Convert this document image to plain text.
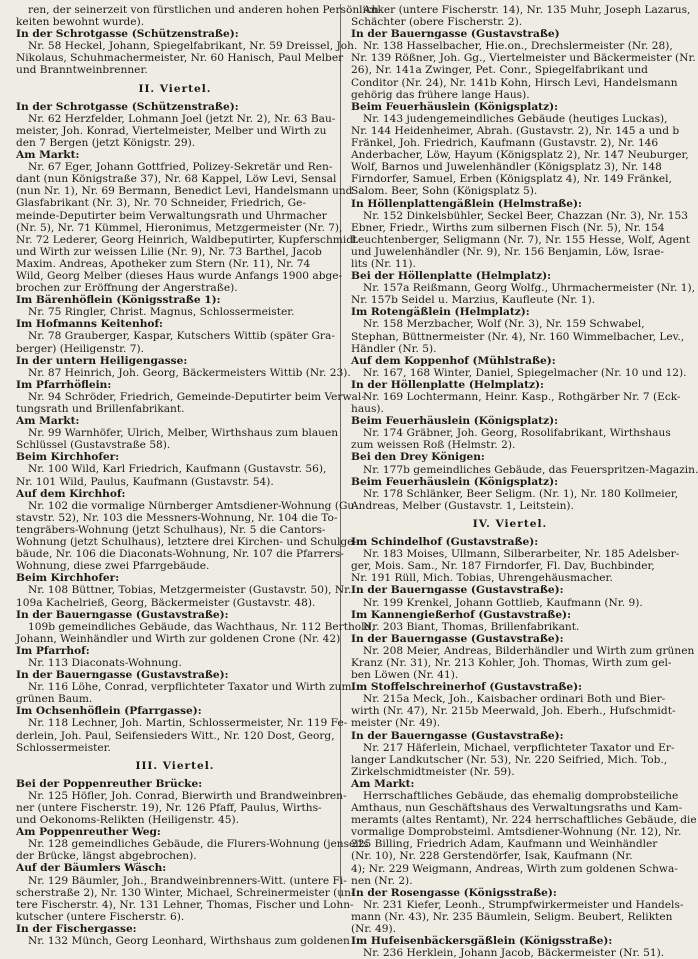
ren, der seinerzeit von fürstlichen und anderen hohen Persönlich-
keiten bewohnt wurde).
In der Schrotgasse (Schützenstraße):
Nr. 58 Heckel, Johann, Spiegelfabrikant, Nr. 59 Dreissel, Joh.
Nikolaus, Schuhmachermeister, Nr. 60 Hanisch, Paul Melber
und Branntweinbrenner.
II. Viertel.
In der Schrotgasse (Schützenstraße):
Nr. 62 Herzfelder, Lohmann Joel (jetzt Nr. 2), Nr. 63 Bau-
meister, Joh. Konrad, Viertelmeister, Melber und Wirth zu
den 7 Bergen (jetzt Königstr. 29).
Am Markt:
Nr. 67 Eger, Johann Gottfried, Polizey-Sekretär und Ren-
dant (nun Königstraße 37), Nr. 68 Kappel, Löw Levi, Sensal
(nun Nr. 1), Nr. 69 Bermann, Benedict Levi, Handelsmann und
Glasfabrikant (Nr. 3), Nr. 70 Schneider, Friedrich, Ge-
meinde-Deputirter beim Verwaltungsrath und Uhrmacher
(Nr. 5), Nr. 71 Kümmel, Hieronimus, Metzgermeister (Nr. 7),
Nr. 72 Lederer, Georg Heinrich, Waldbeputirter, Kupferschmidt
und Wirth zur weissen Lilie (Nr. 9), Nr. 73 Barthel, Jacob
Maxim. Andreas, Apotheker zum Stern (Nr. 11), Nr. 74
Wild, Georg Melber (dieses Haus wurde Anfangs 1900 abge-
brochen zur Eröffnung der Angerstraße).
Im Bärenhöflein (Königsstraße 1):
Nr. 75 Ringler, Christ. Magnus, Schlossermeister.
Im Hofmanns Keitenhof:
Nr. 78 Grauberger, Kaspar, Kutschers Wittib (später Gra-
berger) (Heiligenstr. 7).
In der untern Heiligengasse:
Nr. 87 Heinrich, Joh. Georg, Bäckermeisters Wittib (Nr. 23).
Im Pfarrhöflein:
Nr. 94 Schröder, Friedrich, Gemeinde-Deputirter beim Verwal-
tungsrath und Brillenfabrikant.
Am Markt:
Nr. 99 Warnhöfer, Ulrich, Melber, Wirthshaus zum blauen
Schlüssel (Gustavstraße 58).
Beim Kirchhofer:
Nr. 100 Wild, Karl Friedrich, Kaufmann (Gustavstr. 56),
Nr. 101 Wild, Paulus, Kaufmann (Gustavstr. 54).
Auf dem Kirchhof:
Nr. 102 die vormalige Nürnberger Amtsdiener-Wohnung (Gu-
stavstr. 52), Nr. 103 die Messners-Wohnung, Nr. 104 die To-
tengräbers-Wohnung (jetzt Schulhaus), Nr. 5 die Cantors-
Wohnung (jetzt Schulhaus), letztere drei Kirchen- und Schulge-
bäude, Nr. 106 die Diaconats-Wohnung, Nr. 107 die Pfarrers-
Wohnung, diese zwei Pfarrgebäude.
Beim Kirchhofer:
Nr. 108 Büttner, Tobias, Metzgermeister (Gustavstr. 50), Nr.
109a Kachelrieß, Georg, Bäckermeister (Gustavstr. 48).
In der Bauerngasse (Gustavstraße):
109b gemeindliches Gebäude, das Wachthaus, Nr. 112 Berthold,
Johann, Weinhändler und Wirth zur goldenen Crone (Nr. 42)
Im Pfarrhof:
Nr. 113 Diaconats-Wohnung.
In der Bauerngasse (Gustavstraße):
Nr. 116 Löhe, Conrad, verpflichteter Taxator und Wirth zum
grünen Baum.
Im Ochsenhöflein (Pfarrgasse):
Nr. 118 Lechner, Joh. Martin, Schlossermeister, Nr. 119 Fe-
derlein, Joh. Paul, Seifensieders Witt., Nr. 120 Dost, Georg,
Schlossermeister.
III. Viertel.
Bei der Poppenreuther Brücke:
Nr. 125 Höfler, Joh. Conrad, Bierwirth und Brandweinbren-
ner (untere Fischerstr. 19), Nr. 126 Pfaff, Paulus, Wirths-
und Oekonoms-Relikten (Heiligenstr. 45).
Am Poppenreuther Weg:
Nr. 128 gemeindliches Gebäude, die Flurers-Wohnung (jenseits
der Brücke, längst abgebrochen).
Auf der Bäumlers Wäsch:
Nr. 129 Bäumler, Joh., Brandweinbrenners-Witt. (untere Fi-
scherstraße 2), Nr. 130 Winter, Michael, Schreinermeister (un-
tere Fischerstr. 4), Nr. 131 Lehner, Thomas, Fischer und Lohn-
kutscher (untere Fischerstr. 6).
In der Fischergasse:
Nr. 132 Münch, Georg Leonhard, Wirthshaus zum goldenen
Anker (untere Fischerstr. 14), Nr. 135 Muhr, Joseph Lazarus,
Schächter (obere Fischerstr. 2).
In der Bauerngasse (Gustavstraße)
Nr. 138 Hasselbacher, Hie.on., Drechslermeister (Nr. 28),
Nr. 139 Rößner, Joh. Gg., Viertelmeister und Bäckermeister (Nr.
26), Nr. 141a Zwinger, Pet. Conr., Spiegelfabrikant und
Conditor (Nr. 24), Nr. 141b Kohn, Hirsch Levi, Handelsmann
gehörig das frühere lange Haus).
Beim Feuerhäuslein (Königsplatz):
Nr. 143 judengemeindliches Gebäude (heutiges Luckas),
Nr. 144 Heidenheimer, Abrah. (Gustavstr. 2), Nr. 145 a und b
Fränkel, Joh. Friedrich, Kaufmann (Gustavstr. 2), Nr. 146
Anderbacher, Löw, Hayum (Königsplatz 2), Nr. 147 Neuburger,
Wolf, Barnos und Juwelenhändler (Königsplatz 3), Nr. 148
Firndorfer, Samuel, Erben (Königsplatz 4), Nr. 149 Fränkel,
Salom. Beer, Sohn (Königsplatz 5).
In Höllenplattengäßlein (Helmstraße):
Nr. 152 Dinkelsbühler, Seckel Beer, Chazzan (Nr. 3), Nr. 153
Ebner, Friedr., Wirths zum silbernen Fisch (Nr. 5), Nr. 154
Leuchtenberger, Seligmann (Nr. 7), Nr. 155 Hesse, Wolf, Agent
und Juwelenhändler (Nr. 9), Nr. 156 Benjamin, Löw, Israe-
lits (Nr. 11).
Bei der Höllenplatte (Helmplatz):
Nr. 157a Reißmann, Georg Wolfg., Uhrmachermeister (Nr. 1),
Nr. 157b Seidel u. Marzius, Kaufleute (Nr. 1).
Im Rotengäßlein (Helmplatz):
Nr. 158 Merzbacher, Wolf (Nr. 3), Nr. 159 Schwabel,
Stephan, Büttnermeister (Nr. 4), Nr. 160 Wimmelbacher, Lev.,
Händler (Nr. 5).
Auf dem Koppenhof (Mühlstraße):
Nr. 167, 168 Winter, Daniel, Spiegelmacher (Nr. 10 und 12).
In der Höllenplatte (Helmplatz):
Nr. 169 Lochtermann, Heinr. Kasp., Rothgärber Nr. 7 (Eck-
haus).
Beim Feuerhäuslein (Königsplatz):
Nr. 174 Gräbner, Joh. Georg, Rosolifabrikant, Wirthshaus
zum weissen Roß (Helmstr. 2).
Bei den Drey Königen:
Nr. 177b gemeindliches Gebäude, das Feuerspritzen-Magazin.
Beim Feuerhäuslein (Königsplatz):
Nr. 178 Schlänker, Beer Seligm. (Nr. 1), Nr. 180 Kollmeier,
Andreas, Melber (Gustavstr. 1, Leitstein).
IV. Viertel.
Im Schindelhof (Gustavstraße):
Nr. 183 Moises, Ullmann, Silberarbeiter, Nr. 185 Adelsber-
ger, Mois. Sam., Nr. 187 Firndorfer, Fl. Dav, Buchbinder,
Nr. 191 Rüll, Mich. Tobias, Uhrengehäusmacher.
In der Bauerngasse (Gustavstraße):
Nr. 199 Krenkel, Johann Gottlieb, Kaufmann (Nr. 9).
Im Kannengießerhof (Gustavstraße):
Nr. 203 Biant, Thomas, Brillenfabrikant.
In der Bauerngasse (Gustavstraße):
Nr. 208 Meier, Andreas, Bilderhändler und Wirth zum grünen
Kranz (Nr. 31), Nr. 213 Kohler, Joh. Thomas, Wirth zum gel-
ben Löwen (Nr. 41).
Im Stoffelschreinerhof (Gustavstraße):
Nr. 215a Meck, Joh., Kaisbacher ordinari Both und Bier-
wirth (Nr. 47), Nr. 215b Meerwald, Joh. Eberh., Hufschmidt-
meister (Nr. 49).
In der Bauerngasse (Gustavstraße):
Nr. 217 Häferlein, Michael, verpflichteter Taxator und Er-
langer Landkutscher (Nr. 53), Nr. 220 Seifried, Mich. Tob.,
Zirkelschmidtmeister (Nr. 59).
Am Markt:
Herrschaftliches Gebäude, das ehemalig domprobsteiliche
Amthaus, nun Geschäftshaus des Verwaltungsraths und Kam-
meramts (altes Rentamt), Nr. 224 herrschaftliches Gebäude, die
vormalige Domprobsteiml. Amtsdiener-Wohnung (Nr. 12), Nr.
225 Billing, Friedrich Adam, Kaufmann und Weinhändler
(Nr. 10), Nr. 228 Gerstendörfer, Isak, Kaufmann (Nr.
4); Nr. 229 Weigmann, Andreas, Wirth zum goldenen Schwa-
nen (Nr. 2).
In der Rosengasse (Königsstraße):
Nr. 231 Kiefer, Leonh., Strumpfwirkermeister und Handels-
mann (Nr. 43), Nr. 235 Bäumlein, Seligm. Beubert, Relikten
(Nr. 49).
Im Hufeisenbäckersgäßlein (Königsstraße):
Nr. 236 Herklein, Johann Jacob, Bäckermeister (Nr. 51).
